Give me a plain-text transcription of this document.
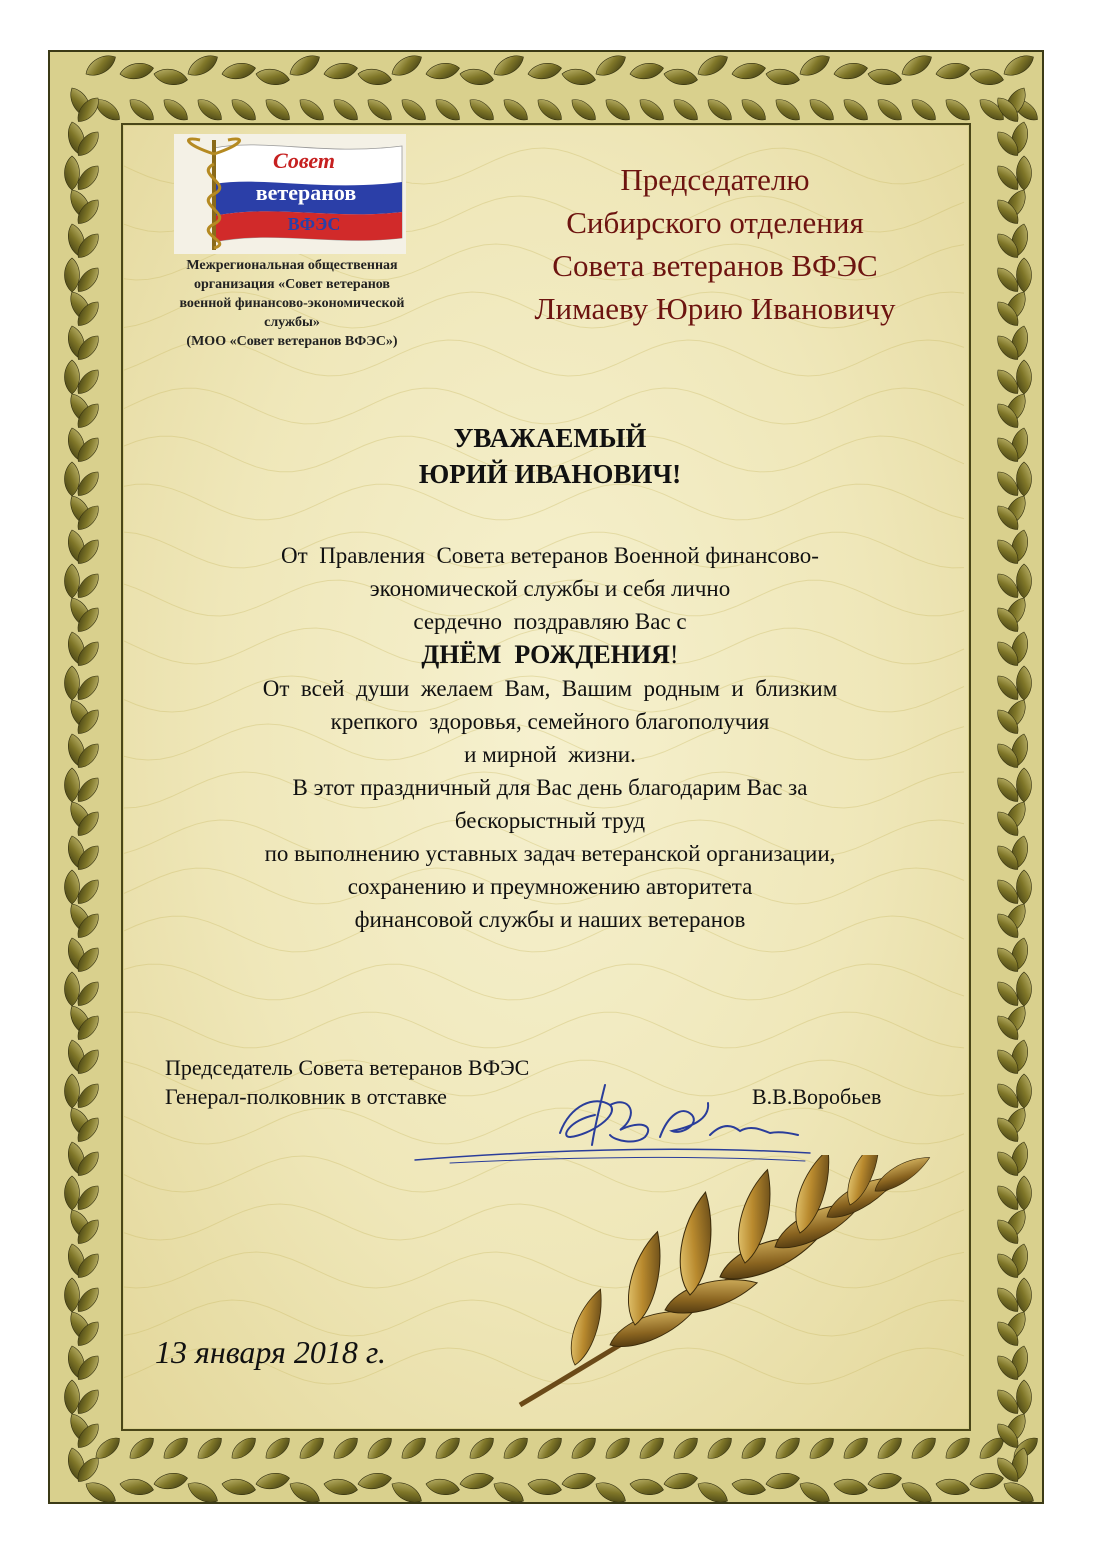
Совет
ветеранов
ВФЭС
Межрегиональная общественная
организация «Совет ветеранов
военной финансово-экономической
службы»
(МОО «Совет ветеранов ВФЭС»)
Председателю
Сибирского отделения
Совета ветеранов ВФЭС
Лимаеву Юрию Ивановичу
УВАЖАЕМЫЙ
ЮРИЙ ИВАНОВИЧ!
От  Правления  Совета ветеранов Военной финансово-
экономической службы и себя лично
сердечно  поздравляю Вас с
ДНЁМ  РОЖДЕНИЯ!
От  всей  души  желаем  Вам,  Вашим  родным  и  близким
крепкого  здоровья, семейного благополучия
и мирной  жизни.
В этот праздничный для Вас день благодарим Вас за
бескорыстный труд
по выполнению уставных задач ветеранской организации,
сохранению и преумножению авторитета
финансовой службы и наших ветеранов
Председатель Совета ветеранов ВФЭС
Генерал-полковник в отставке	В.В.Воробьев
13 января 2018 г.
